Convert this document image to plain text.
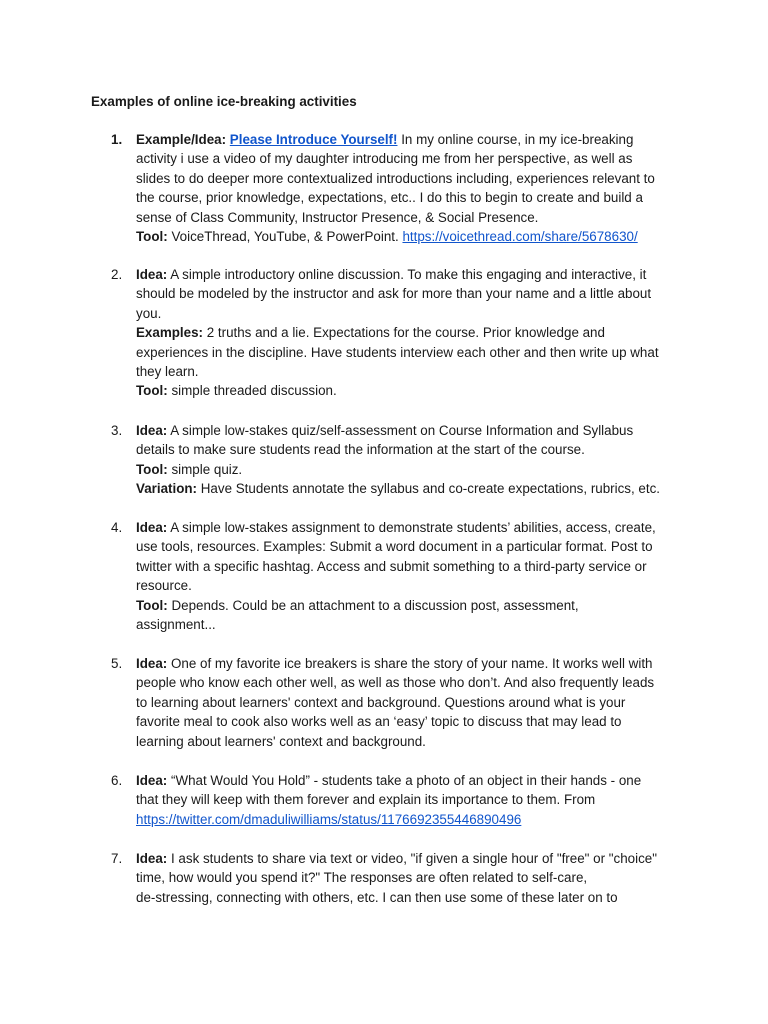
Examples of online ice-breaking activities
1.	Example/Idea: Please Introduce Yourself! In my online course, in my ice-breaking

activity i use a video of my daughter introducing me from her perspective, as well as

slides to do deeper more contextualized introductions including, experiences relevant to

the course, prior knowledge, expectations, etc.. I do this to begin to create and build a

sense of Class Community, Instructor Presence, & Social Presence.

Tool: VoiceThread, YouTube, & PowerPoint. https://voicethread.com/share/5678630/

2.	Idea: A simple introductory online discussion. To make this engaging and interactive, it

should be modeled by the instructor and ask for more than your name and a little about

you.

Examples: 2 truths and a lie. Expectations for the course. Prior knowledge and

experiences in the discipline. Have students interview each other and then write up what

they learn.

Tool: simple threaded discussion.

3.	Idea: A simple low-stakes quiz/self-assessment on Course Information and Syllabus

details to make sure students read the information at the start of the course.

Tool: simple quiz.

Variation: Have Students annotate the syllabus and co-create expectations, rubrics, etc.

4.	Idea: A simple low-stakes assignment to demonstrate students’ abilities, access, create,

use tools, resources. Examples: Submit a word document in a particular format. Post to

twitter with a specific hashtag. Access and submit something to a third-party service or

resource.

Tool: Depends. Could be an attachment to a discussion post, assessment,

assignment...

5.	Idea: One of my favorite ice breakers is share the story of your name. It works well with

people who know each other well, as well as those who don’t. And also frequently leads

to learning about learners' context and background. Questions around what is your

favorite meal to cook also works well as an ‘easy’ topic to discuss that may lead to

learning about learners' context and background.

6.	Idea: “What Would You Hold” - students take a photo of an object in their hands - one

that they will keep with them forever and explain its importance to them. From

https://twitter.com/dmaduliwilliams/status/1176692355446890496

7.	Idea: I ask students to share via text or video, "if given a single hour of "free" or "choice"

time, how would you spend it?" The responses are often related to self-care,

de-stressing, connecting with others, etc. I can then use some of these later on to
